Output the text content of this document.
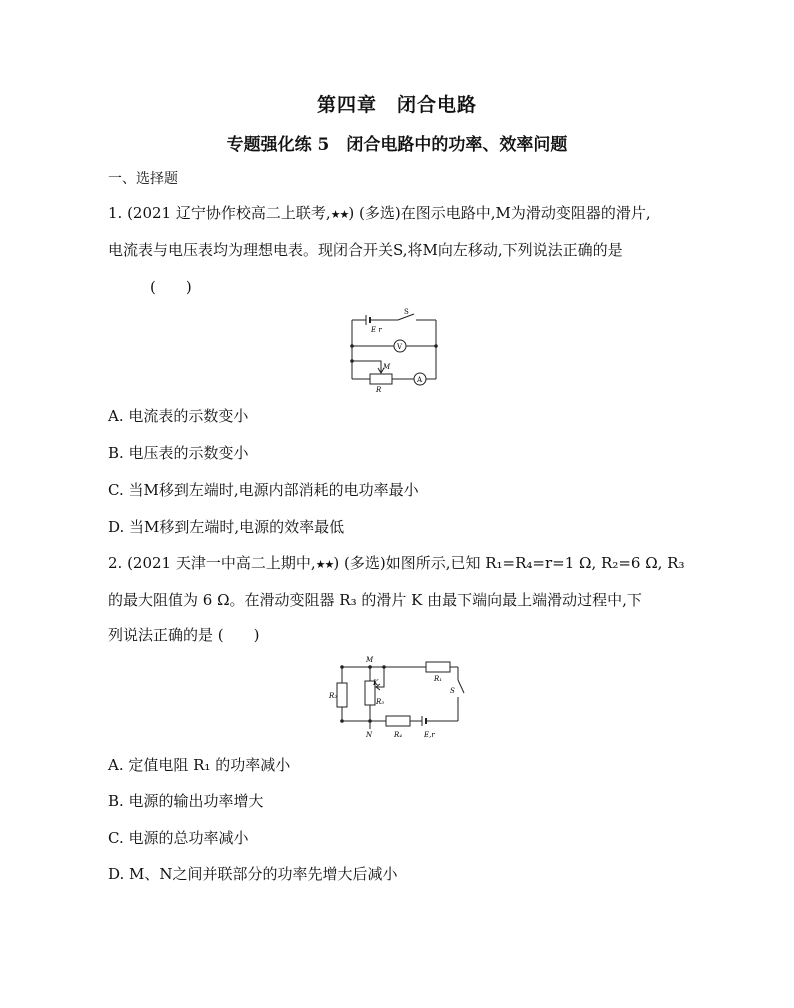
第四章　闭合电路
专题强化练 5　闭合电路中的功率、效率问题
一、选择题
1. (2021 辽宁协作校高二上联考,★★) (多选)在图示电路中,M为滑动变阻器的滑片,
电流表与电压表均为理想电表。现闭合开关S,将M向左移动,下列说法正确的是
(　　)
S
E r
V
A
M
R
A. 电流表的示数变小
B. 电压表的示数变小
C. 当M移到左端时,电源内部消耗的电功率最小
D. 当M移到左端时,电源的效率最低
2. (2021 天津一中高二上期中,★★) (多选)如图所示,已知 R₁=R₄=r=1 Ω, R₂=6 Ω, R₃
的最大阻值为 6 Ω。在滑动变阻器 R₃ 的滑片 K 由最下端向最上端滑动过程中,下
列说法正确的是 (　　)
M
N
K	R₁
R₂
R₃
R₄
S
E,r
A. 定值电阻 R₁ 的功率减小
B. 电源的输出功率增大
C. 电源的总功率减小
D. M、N之间并联部分的功率先增大后减小
